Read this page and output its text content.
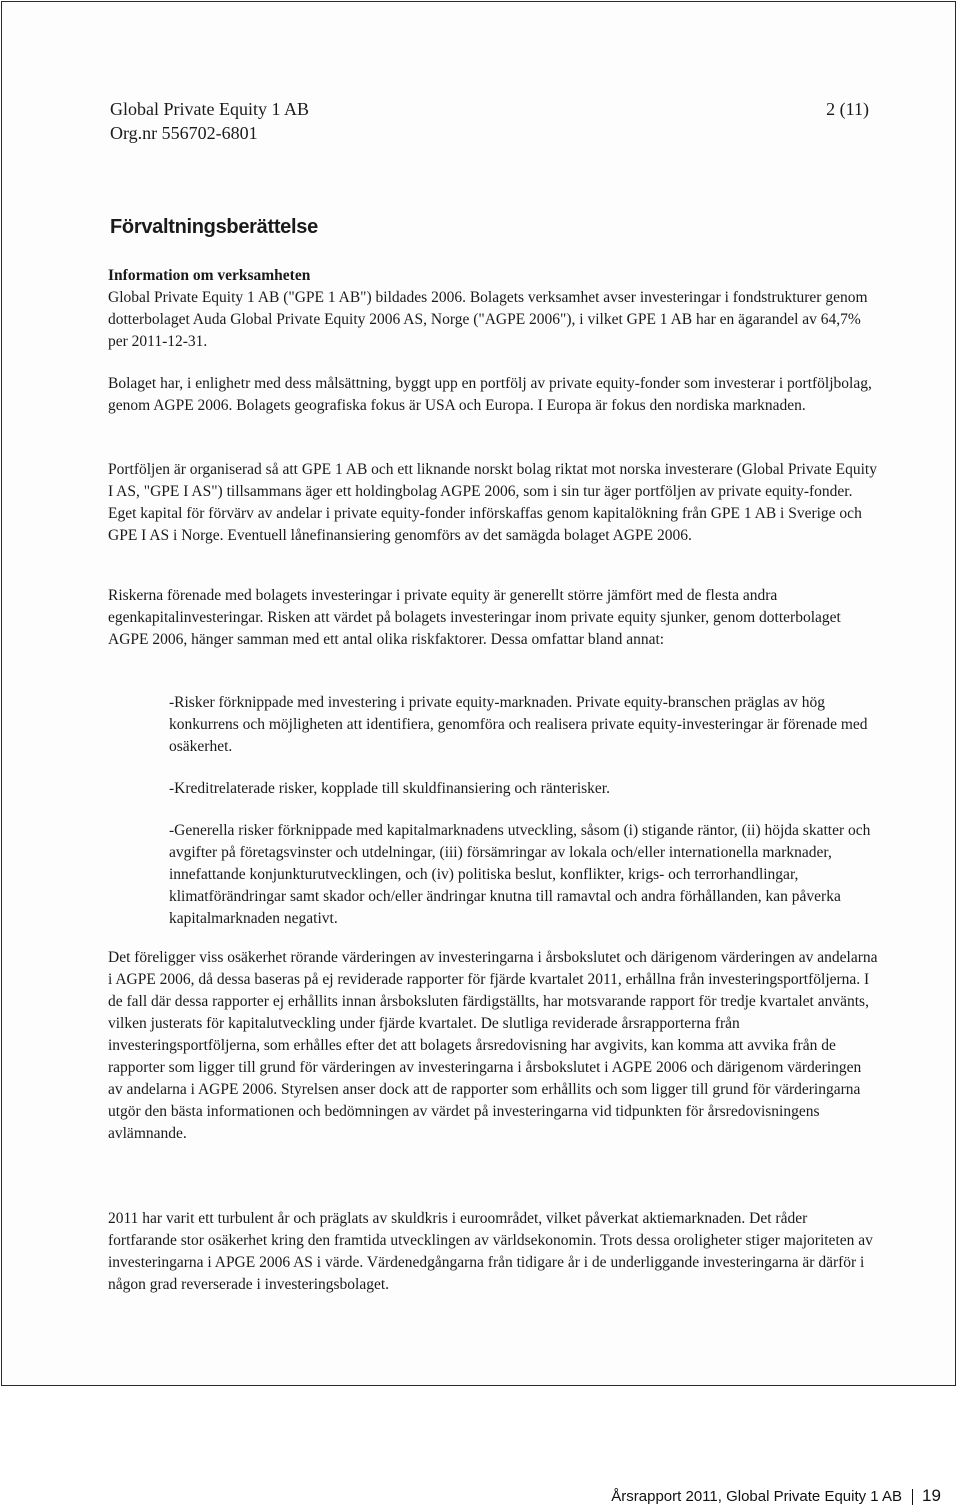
Global Private Equity 1 AB
Org.nr 556702-6801
2 (11)
Förvaltningsberättelse
Information om verksamheten

Global Private Equity 1 AB ("GPE 1 AB") bildades 2006. Bolagets verksamhet avser investeringar i fondstrukturer genom dotterbolaget Auda Global Private Equity 2006 AS, Norge ("AGPE 2006"), i vilket GPE 1 AB har en ägarandel av 64,7% per 2011-12-31.

Bolaget har, i enlighetr med dess målsättning, byggt upp en portfölj av private equity-fonder som investerar i portföljbolag, genom AGPE 2006. Bolagets geografiska fokus är USA och Europa. I Europa är fokus den nordiska marknaden.

Portföljen är organiserad så att GPE 1 AB och ett liknande norskt bolag riktat mot norska investerare (Global Private Equity I AS, "GPE I AS") tillsammans äger ett holdingbolag AGPE 2006, som i sin tur äger portföljen av private equity-fonder. Eget kapital för förvärv av andelar i private equity-fonder införskaffas genom kapitalökning från GPE 1 AB i Sverige och GPE I AS i Norge. Eventuell lånefinansiering genomförs av det samägda bolaget AGPE 2006.

Riskerna förenade med bolagets investeringar i private equity är generellt större jämfört med de flesta andra egenkapitalinvesteringar. Risken att värdet på bolagets investeringar inom private equity sjunker, genom dotterbolaget AGPE 2006, hänger samman med ett antal olika riskfaktorer. Dessa omfattar bland annat:

-Risker förknippade med investering i private equity-marknaden. Private equity-branschen präglas av hög konkurrens och möjligheten att identifiera, genomföra och realisera private equity-investeringar är förenade med osäkerhet.

-Kreditrelaterade risker, kopplade till skuldfinansiering och ränterisker.

-Generella risker förknippade med kapitalmarknadens utveckling, såsom (i) stigande räntor, (ii) höjda skatter och avgifter på företagsvinster och utdelningar, (iii) försämringar av lokala och/eller internationella marknader, innefattande konjunkturutvecklingen, och (iv) politiska beslut, konflikter, krigs- och terrorhandlingar, klimatförändringar samt skador och/eller ändringar knutna till ramavtal och andra förhållanden, kan påverka kapitalmarknaden negativt.

Det föreligger viss osäkerhet rörande värderingen av investeringarna i årsbokslutet och därigenom värderingen av andelarna i AGPE 2006, då dessa baseras på ej reviderade rapporter för fjärde kvartalet 2011, erhållna från investeringsportföljerna. I de fall där dessa rapporter ej erhållits innan årsboksluten färdigställts, har motsvarande rapport för tredje kvartalet använts, vilken justerats för kapitalutveckling under fjärde kvartalet. De slutliga reviderade årsrapporterna från investeringsportföljerna, som erhålles efter det att bolagets årsredovisning har avgivits, kan komma att avvika från de rapporter som ligger till grund för värderingen av investeringarna i årsbokslutet i AGPE 2006 och därigenom värderingen av andelarna i AGPE 2006. Styrelsen anser dock att de rapporter som erhållits och som ligger till grund för värderingarna utgör den bästa informationen och bedömningen av värdet på investeringarna vid tidpunkten för årsredovisningens avlämnande.

2011 har varit ett turbulent år och präglats av skuldkris i euroområdet, vilket påverkat aktiemarknaden. Det råder fortfarande stor osäkerhet kring den framtida utvecklingen av världsekonomin. Trots dessa oroligheter stiger majoriteten av investeringarna i APGE 2006 AS i värde. Värdenedgångarna från tidigare år i de underliggande investeringarna är därför i någon grad reverserade i investeringsbolaget.

Årsrapport 2011, Global Private Equity 1 AB 19
